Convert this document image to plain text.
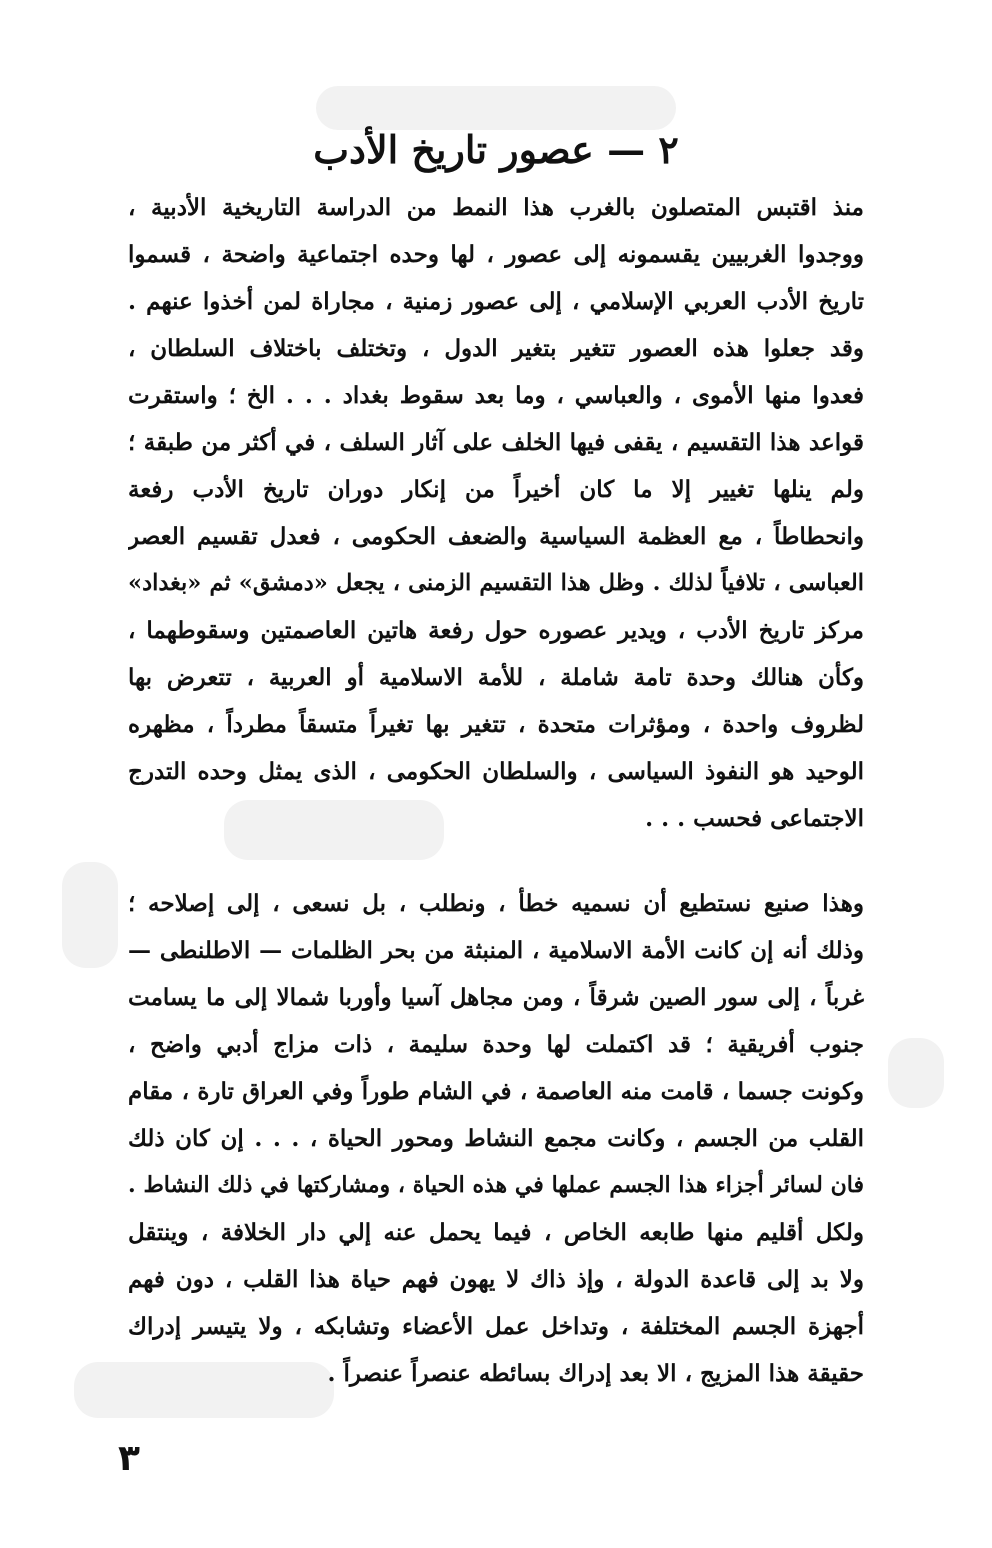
٢ — عصور تاريخ الأدب
منذ اقتبس المتصلون بالغرب هذا النمط من الدراسة التاريخية الأدبية ،
ووجدوا الغربيين يقسمونه إلى عصور ، لها وحده اجتماعية واضحة ، قسموا
تاريخ الأدب العربي الإسلامي ، إلى عصور زمنية ، مجاراة لمن أخذوا عنهم .
وقد جعلوا هذه العصور تتغير بتغير الدول ، وتختلف باختلاف السلطان ،
فعدوا منها الأموى ، والعباسي ، وما بعد سقوط بغداد . . . الخ ؛ واستقرت
قواعد هذا التقسيم ، يقفى فيها الخلف على آثار السلف ، في أكثر من طبقة ؛
ولم ينلها تغيير إلا ما كان أخيراً من إنكار دوران تاريخ الأدب رفعة
وانحطاطاً ، مع العظمة السياسية والضعف الحكومى ، فعدل تقسيم العصر
العباسى ، تلافياً لذلك . وظل هذا التقسيم الزمنى ، يجعل «دمشق» ثم «بغداد»
مركز تاريخ الأدب ، ويدير عصوره حول رفعة هاتين العاصمتين وسقوطهما ،
وكأن هنالك وحدة تامة شاملة ، للأمة الاسلامية أو العربية ، تتعرض بها
لظروف واحدة ، ومؤثرات متحدة ، تتغير بها تغيراً متسقاً مطرداً ، مظهره
الوحيد هو النفوذ السياسى ، والسلطان الحكومى ، الذى يمثل وحده التدرج
الاجتماعى فحسب . . .
وهذا صنيع نستطيع أن نسميه خطأ ، ونطلب ، بل نسعى ، إلى إصلاحه ؛
وذلك أنه إن كانت الأمة الاسلامية ، المنبثة من بحر الظلمات — الاطلنطى —
غرباً ، إلى سور الصين شرقاً ، ومن مجاهل آسيا وأوربا شمالا إلى ما يسامت
جنوب أفريقية ؛ قد اكتملت لها وحدة سليمة ، ذات مزاج أدبي واضح ،
وكونت جسما ، قامت منه العاصمة ، في الشام طوراً وفي العراق تارة ، مقام
القلب من الجسم ، وكانت مجمع النشاط ومحور الحياة ، . . . إن كان ذلك
فان لسائر أجزاء هذا الجسم عملها في هذه الحياة ، ومشاركتها في ذلك النشاط .
ولكل أقليم منها طابعه الخاص ، فيما يحمل عنه إلي دار الخلافة ، وينتقل
ولا بد إلى قاعدة الدولة ، وإذ ذاك لا يهون فهم حياة هذا القلب ، دون فهم
أجهزة الجسم المختلفة ، وتداخل عمل الأعضاء وتشابكه ، ولا يتيسر إدراك
حقيقة هذا المزيج ، الا بعد إدراك بسائطه عنصراً عنصراً .
٣
